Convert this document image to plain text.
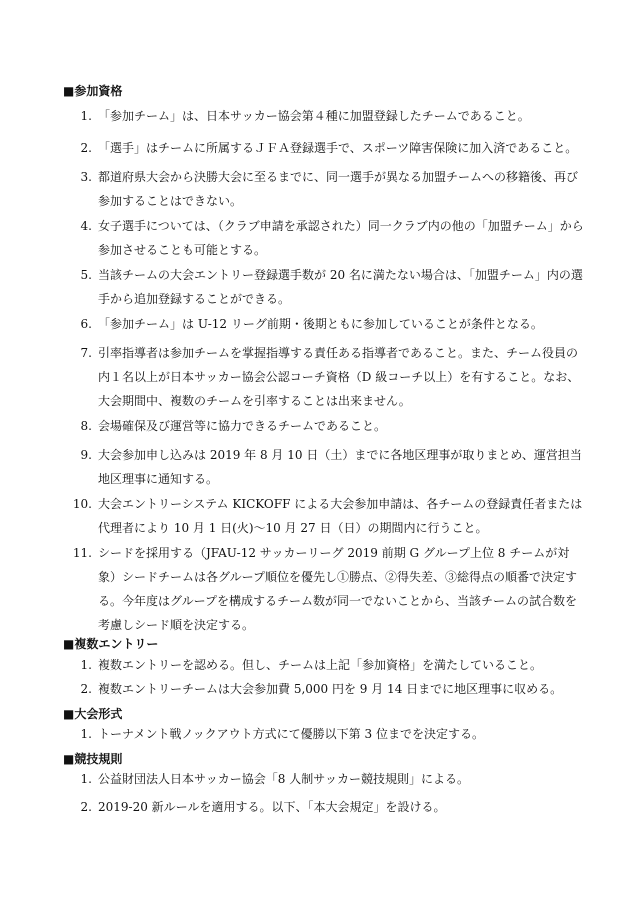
■参加資格
1. 「参加チーム」は、日本サッカー協会第４種に加盟登録したチームであること。
2. 「選手」はチームに所属するＪＦＡ登録選手で、スポーツ障害保険に加入済であること。
3. 都道府県大会から決勝大会に至るまでに、同一選手が異なる加盟チームへの移籍後、再び参加することはできない。
4. 女子選手については、（クラブ申請を承認された）同一クラブ内の他の「加盟チーム」から参加させることも可能とする。
5. 当該チームの大会エントリー登録選手数が 20 名に満たない場合は、「加盟チーム」内の選手から追加登録することができる。
6. 「参加チーム」は U-12 リーグ前期・後期ともに参加していることが条件となる。
7. 引率指導者は参加チームを掌握指導する責任ある指導者であること。また、チーム役員の内１名以上が日本サッカー協会公認コーチ資格（D 級コーチ以上）を有すること。なお、大会期間中、複数のチームを引率することは出来ません。
8. 会場確保及び運営等に協力できるチームであること。
9. 大会参加申し込みは 2019 年 8 月 10 日（土）までに各地区理事が取りまとめ、運営担当地区理事に通知する。
10. 大会エントリーシステム KICKOFF による大会参加申請は、各チームの登録責任者または代理者により 10 月 1 日(火)〜10 月 27 日（日）の期間内に行うこと。
11. シードを採用する（JFAU-12 サッカーリーグ 2019 前期 G グループ上位 8 チームが対象）シードチームは各グループ順位を優先し①勝点、②得失差、③総得点の順番で決定する。今年度はグループを構成するチーム数が同一でないことから、当該チームの試合数を考慮しシード順を決定する。
■複数エントリー
1. 複数エントリーを認める。但し、チームは上記「参加資格」を満たしていること。
2. 複数エントリーチームは大会参加費 5,000 円を 9 月 14 日までに地区理事に収める。
■大会形式
1. トーナメント戦ノックアウト方式にて優勝以下第 3 位までを決定する。
■競技規則
1. 公益財団法人日本サッカー協会「8 人制サッカー競技規則」による。
2. 2019-20 新ルールを適用する。以下、「本大会規定」を設ける。
